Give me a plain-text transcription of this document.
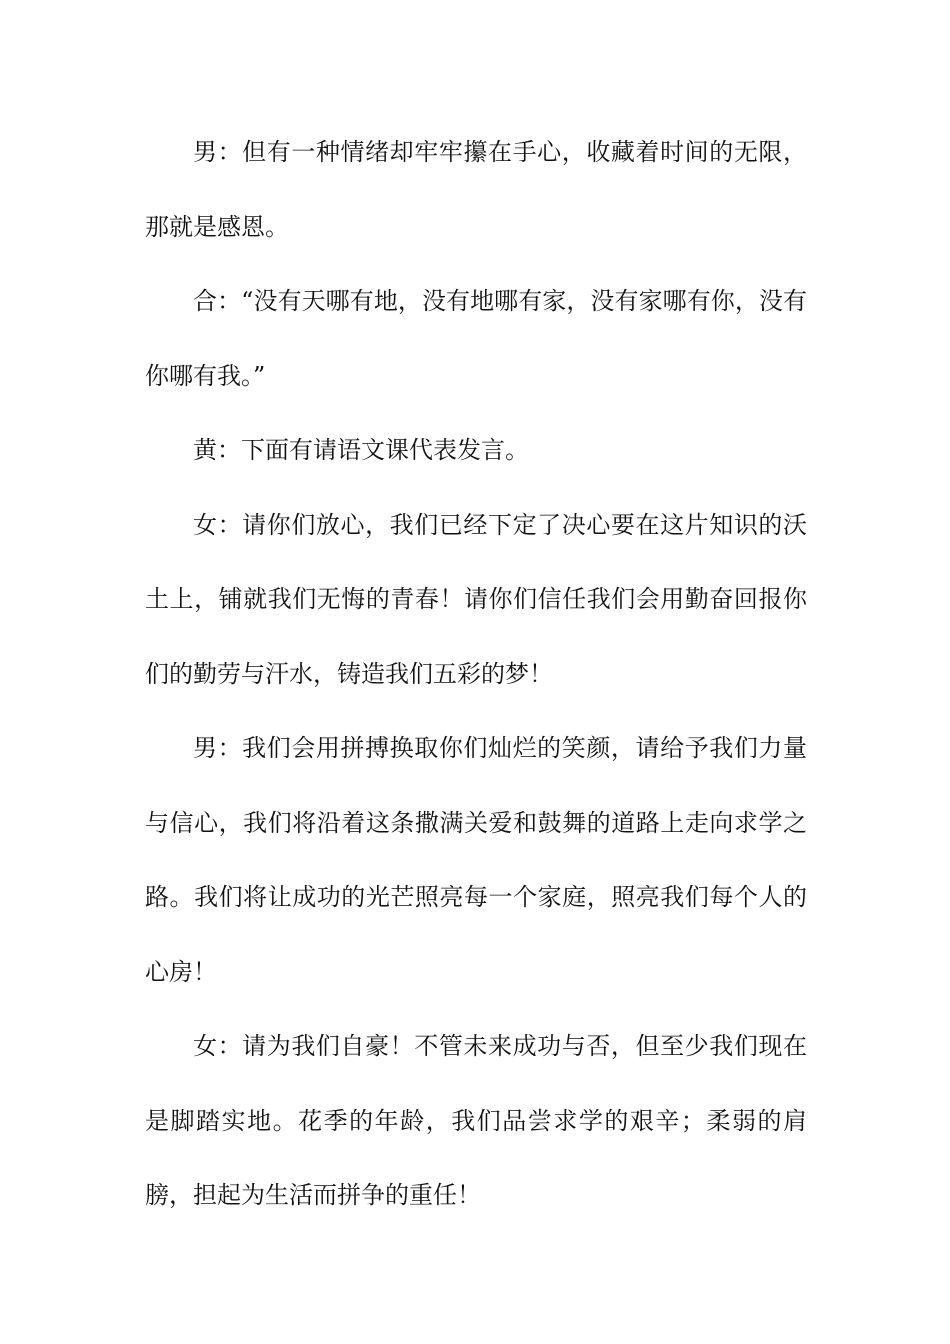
男：但有一种情绪却牢牢攥在手心，收藏着时间的无限，那就是感恩。

合：“没有天哪有地，没有地哪有家，没有家哪有你，没有你哪有我。”

黄：下面有请语文课代表发言。

女：请你们放心，我们已经下定了决心要在这片知识的沃土上，铺就我们无悔的青春！请你们信任我们会用勤奋回报你们的勤劳与汗水，铸造我们五彩的梦！

男：我们会用拼搏换取你们灿烂的笑颜，请给予我们力量与信心，我们将沿着这条撒满关爱和鼓舞的道路上走向求学之路。我们将让成功的光芒照亮每一个家庭，照亮我们每个人的心房！

女：请为我们自豪！不管未来成功与否，但至少我们现在是脚踏实地。花季的年龄，我们品尝求学的艰辛；柔弱的肩膀，担起为生活而拼争的重任！
